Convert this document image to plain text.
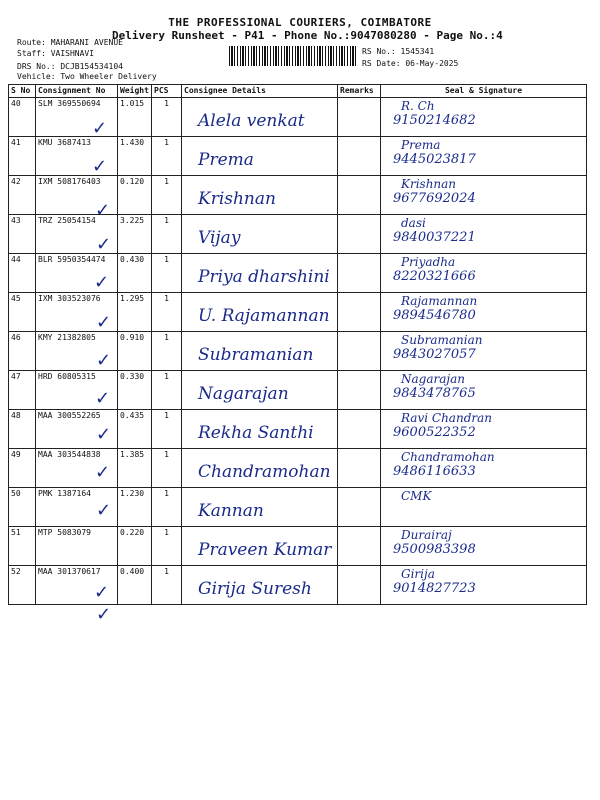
THE PROFESSIONAL COURIERS, COIMBATORE
Delivery Runsheet - P41 - Phone No.:9047080280 - Page No.:4
Route: MAHARANI AVENUE
Staff: VAISHNAVI
DRS No.: DCJB154534104
Vehicle: Two Wheeler Delivery
RS No.: 1545341
RS Date: 06-May-2025
S No	Consignment No	Weight	PCS	Consignee Details	Remarks	Seal & Signature
40	SLM 369550694	1.015	1	Alela venkat		R. Ch
9150214682

41	KMU 3687413	1.430	1	Prema		Prema
9445023817

42	IXM 508176403	0.120	1	Krishnan		Krishnan
9677692024

43	TRZ 25054154	3.225	1	Vijay		dasi
9840037221

44	BLR 5950354474	0.430	1	Priya dharshini		Priyadha
8220321666

45	IXM 303523076	1.295	1	U. Rajamannan		Rajamannan
9894546780

46	KMY 21382805	0.910	1	Subramanian		Subramanian
9843027057

47	HRD 60805315	0.330	1	Nagarajan		Nagarajan
9843478765

48	MAA 300552265	0.435	1	Rekha Santhi		Ravi Chandran
9600522352

49	MAA 303544838	1.385	1	Chandramohan		Chandramohan
9486116633

50	PMK 1387164	1.230	1	Kannan		CMK

51	MTP 5083079	0.220	1	Praveen Kumar		Durairaj
9500983398

52	MAA 301370617	0.400	1	Girija Suresh		Girija
9014827723
✓
✓
✓
✓
✓
✓
✓
✓
✓
✓
✓
✓
✓
